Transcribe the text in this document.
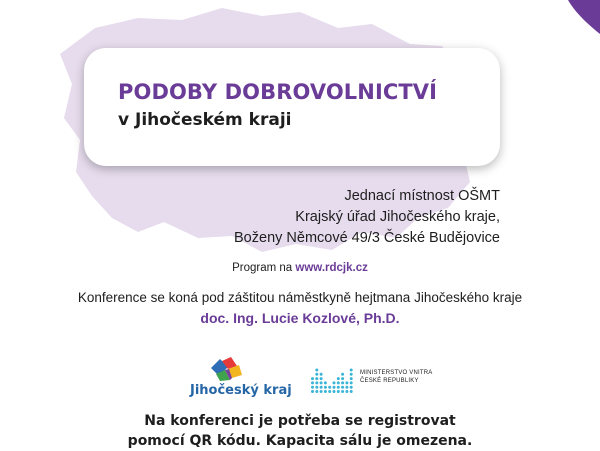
PODOBY DOBROVOLNICTVÍ
v Jihočeském kraji
Jednací místnost OŠMT
Krajský úřad Jihočeského kraje,
Boženy Němcové 49/3 České Budějovice
Program na www.rdcjk.cz
Konference se koná pod záštitou náměstkyně hejtmana Jihočeského kraje
doc. Ing. Lucie Kozlové, Ph.D.
Jihočeský kraj
MINISTERSTVO VNITRA
ČESKÉ REPUBLIKY
Na konferenci je potřeba se registrovat
pomocí QR kódu. Kapacita sálu je omezena.
